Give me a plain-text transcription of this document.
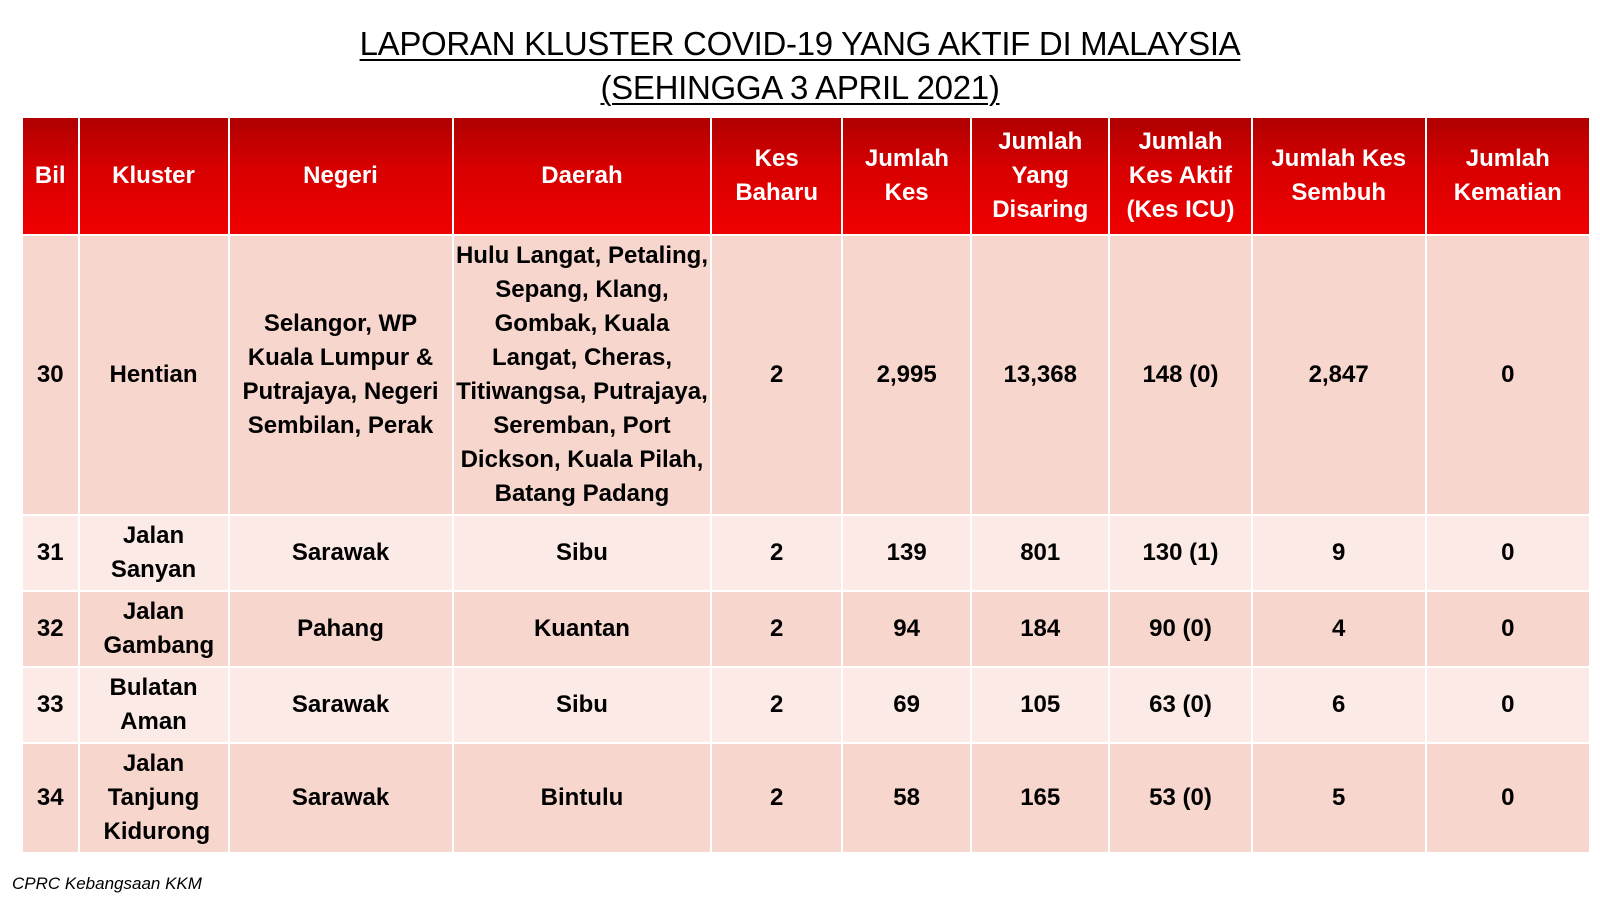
LAPORAN KLUSTER COVID-19 YANG AKTIF DI MALAYSIA
(SEHINGGA 3 APRIL 2021)
Bil	Kluster	Negeri	Daerah	Kes Baharu	Jumlah Kes	Jumlah Yang Disaring	Jumlah Kes Aktif (Kes ICU)	Jumlah Kes Sembuh	Jumlah Kematian
30	Hentian	Selangor, WP Kuala Lumpur & Putrajaya, Negeri Sembilan, Perak	Hulu Langat, Petaling, Sepang, Klang, Gombak, Kuala Langat, Cheras, Titiwangsa, Putrajaya, Seremban, Port Dickson, Kuala Pilah, Batang Padang	2	2,995	13,368	148 (0)	2,847	0
31	Jalan Sanyan	Sarawak	Sibu	2	139	801	130 (1)	9	0
32	Jalan Gambang	Pahang	Kuantan	2	94	184	90 (0)	4	0
33	Bulatan Aman	Sarawak	Sibu	2	69	105	63 (0)	6	0
34	Jalan Tanjung Kidurong	Sarawak	Bintulu	2	58	165	53 (0)	5	0
CPRC Kebangsaan KKM
